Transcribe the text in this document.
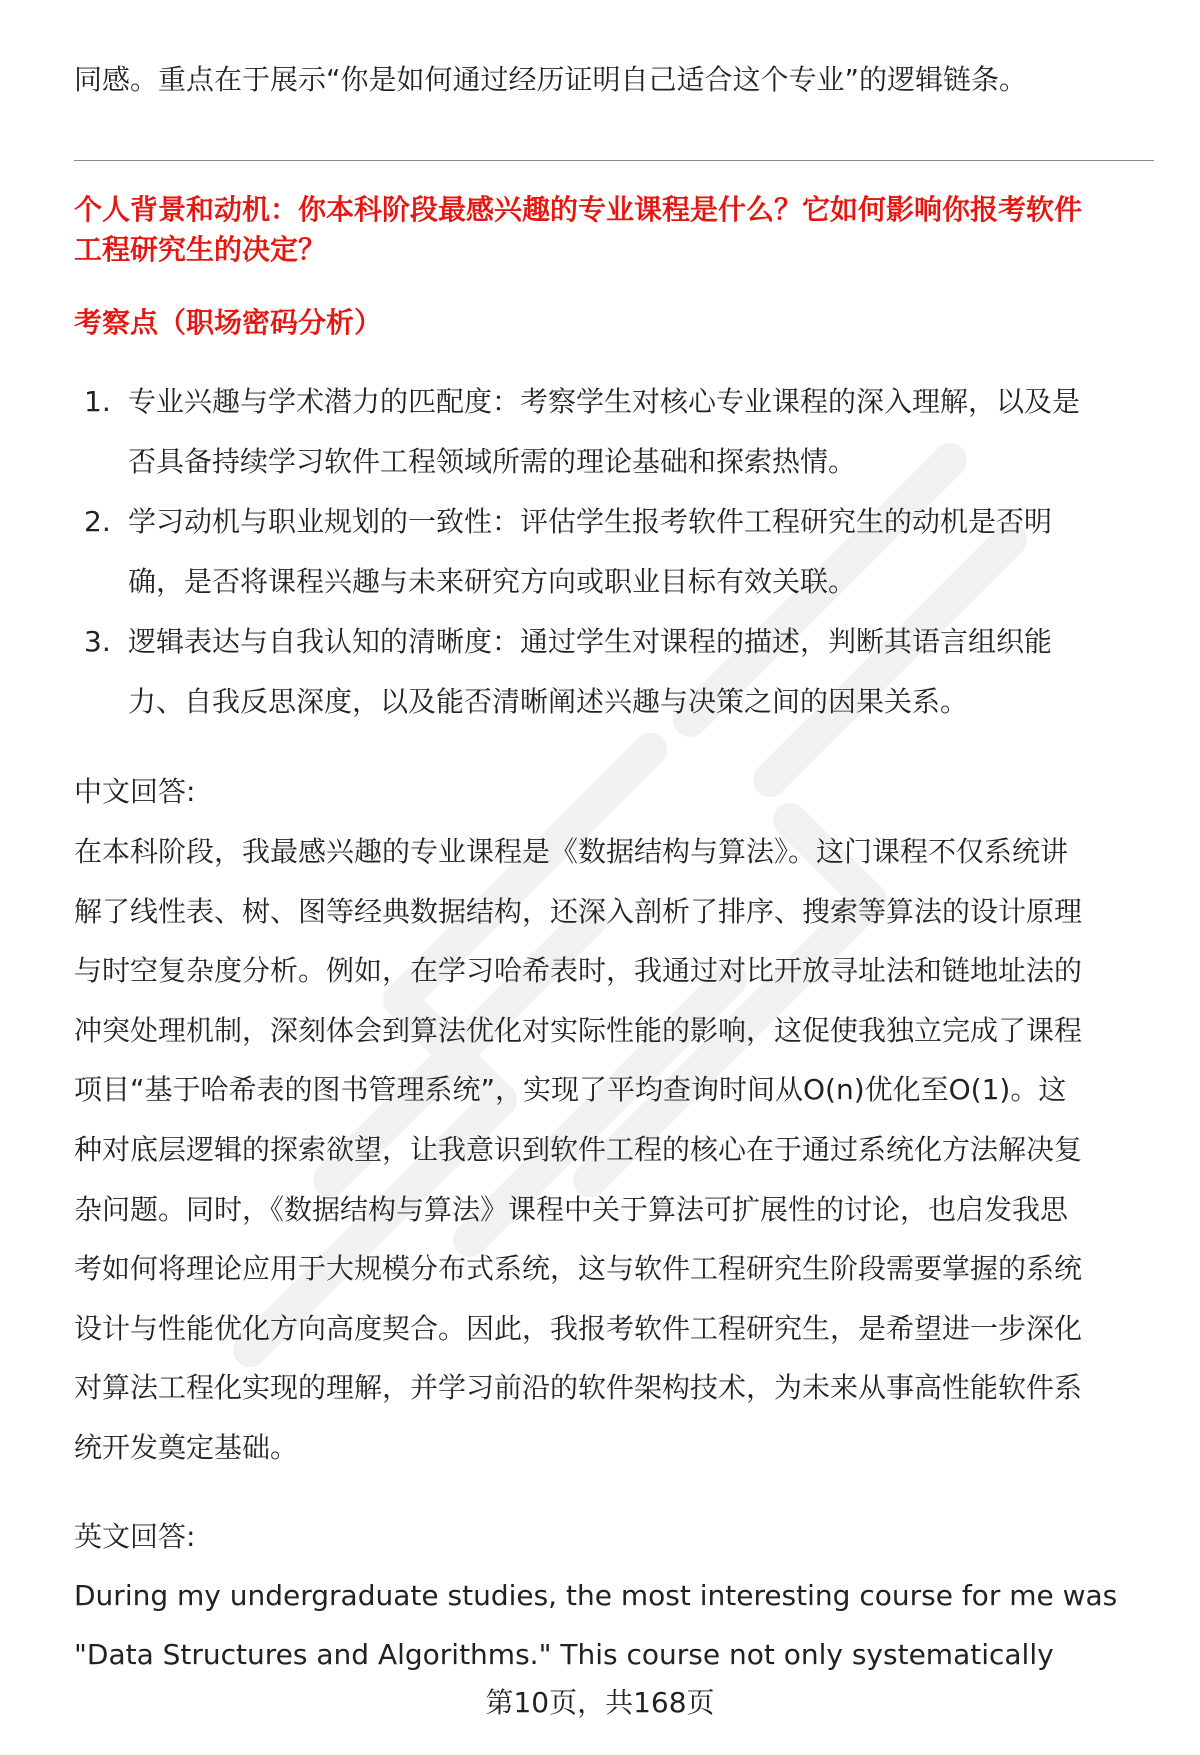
同感。重点在于展示“你是如何通过经历证明自己适合这个专业”的逻辑链条。
个人背景和动机：你本科阶段最感兴趣的专业课程是什么？它如何影响你报考软件
工程研究生的决定？
考察点（职场密码分析）
1. 专业兴趣与学术潜力的匹配度：考察学生对核心专业课程的深入理解，以及是
否具备持续学习软件工程领域所需的理论基础和探索热情。
2. 学习动机与职业规划的一致性：评估学生报考软件工程研究生的动机是否明
确，是否将课程兴趣与未来研究方向或职业目标有效关联。
3. 逻辑表达与自我认知的清晰度：通过学生对课程的描述，判断其语言组织能
力、自我反思深度，以及能否清晰阐述兴趣与决策之间的因果关系。
中文回答:
在本科阶段，我最感兴趣的专业课程是《数据结构与算法》。这门课程不仅系统讲
解了线性表、树、图等经典数据结构，还深入剖析了排序、搜索等算法的设计原理
与时空复杂度分析。例如，在学习哈希表时，我通过对比开放寻址法和链地址法的
冲突处理机制，深刻体会到算法优化对实际性能的影响，这促使我独立完成了课程
项目“基于哈希表的图书管理系统”，实现了平均查询时间从O(n)优化至O(1)。这
种对底层逻辑的探索欲望，让我意识到软件工程的核心在于通过系统化方法解决复
杂问题。同时，《数据结构与算法》课程中关于算法可扩展性的讨论，也启发我思
考如何将理论应用于大规模分布式系统，这与软件工程研究生阶段需要掌握的系统
设计与性能优化方向高度契合。因此，我报考软件工程研究生，是希望进一步深化
对算法工程化实现的理解，并学习前沿的软件架构技术，为未来从事高性能软件系
统开发奠定基础。
英文回答:
During my undergraduate studies, the most interesting course for me was
"Data Structures and Algorithms." This course not only systematically
第10页，共168页
